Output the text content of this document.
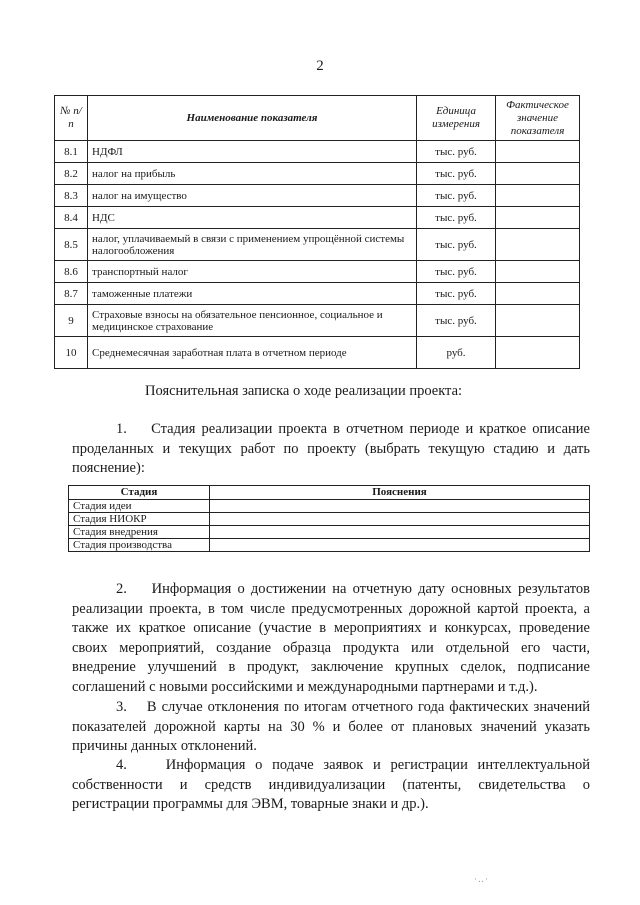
2
№ п/п	Наименование показателя	Единица измерения	Фактическое значение показателя
8.1	НДФЛ	тыс. руб.	
8.2	налог на прибыль	тыс. руб.	
8.3	налог на имущество	тыс. руб.	
8.4	НДС	тыс. руб.	
8.5	налог, уплачиваемый в связи с применением упрощённой системы налогообложения	тыс. руб.	
8.6	транспортный налог	тыс. руб.	
8.7	таможенные платежи	тыс. руб.	
9	Страховые взносы на обязательное пенсионное, социальное и медицинское страхование	тыс. руб.	
10	Среднемесячная заработная плата в отчетном периоде	руб.	
Пояснительная записка о ходе реализации проекта:
1.    Стадия реализации проекта в отчетном периоде и краткое описание проделанных и текущих работ по проекту (выбрать текущую стадию и дать пояснение):
Стадия	Пояснения
Стадия идеи	
Стадия НИОКР	
Стадия внедрения	
Стадия производства	
2.    Информация о достижении на отчетную дату основных результатов реализации проекта, в том числе предусмотренных дорожной картой проекта, а также их краткое описание (участие в мероприятиях и конкурсах, проведение своих мероприятий, создание образца продукта или отдельной его части, внедрение улучшений в продукт, заключение крупных сделок, подписание соглашений с новыми российскими и международными партнерами и т.д.).
3.    В случае отклонения по итогам отчетного года фактических значений показателей дорожной карты на 30 % и более от плановых значений указать причины данных отклонений.
4.    Информация о подаче заявок и регистрации интеллектуальной собственности и средств индивидуализации (патенты, свидетельства о регистрации программы для ЭВМ, товарные знаки и др.).
·‥·
